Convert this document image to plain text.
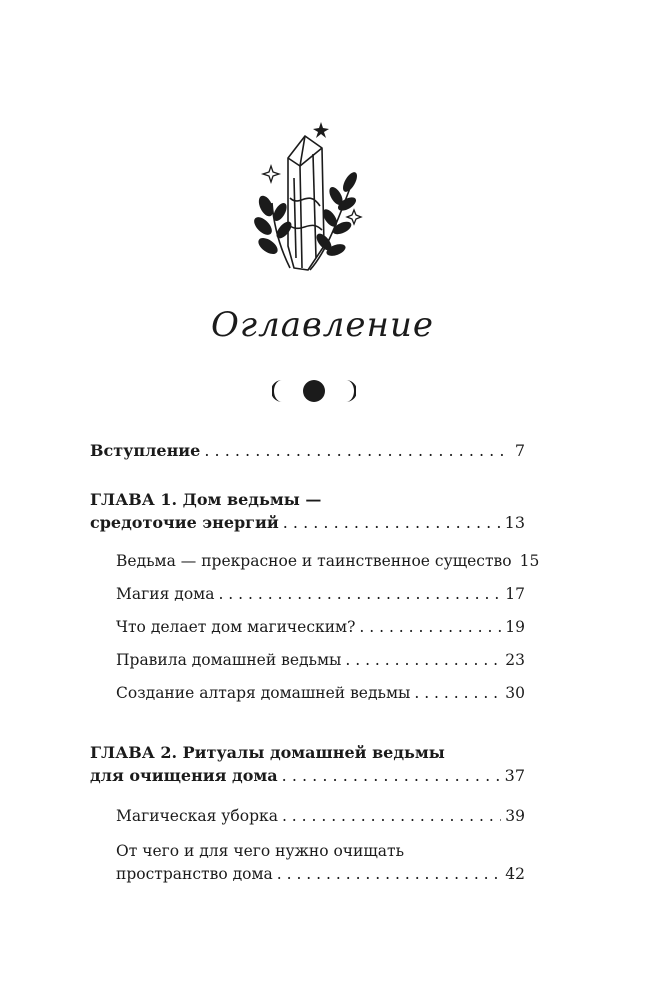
Оглавление
Вступление . . .	7
ГЛАВА 1. Дом ведьмы —
средоточие энергий . . .	13
Ведьма — прекрасное и таинственное существо 15
Магия дома . . .	17
Что делает дом магическим? . . .	19
Правила домашней ведьмы . . .	23
Создание алтаря домашней ведьмы . . .	30
ГЛАВА 2. Ритуалы домашней ведьмы
для очищения дома . . .	37
Магическая уборка . . .	39
От чего и для чего нужно очищать
пространство дома . . .	42
